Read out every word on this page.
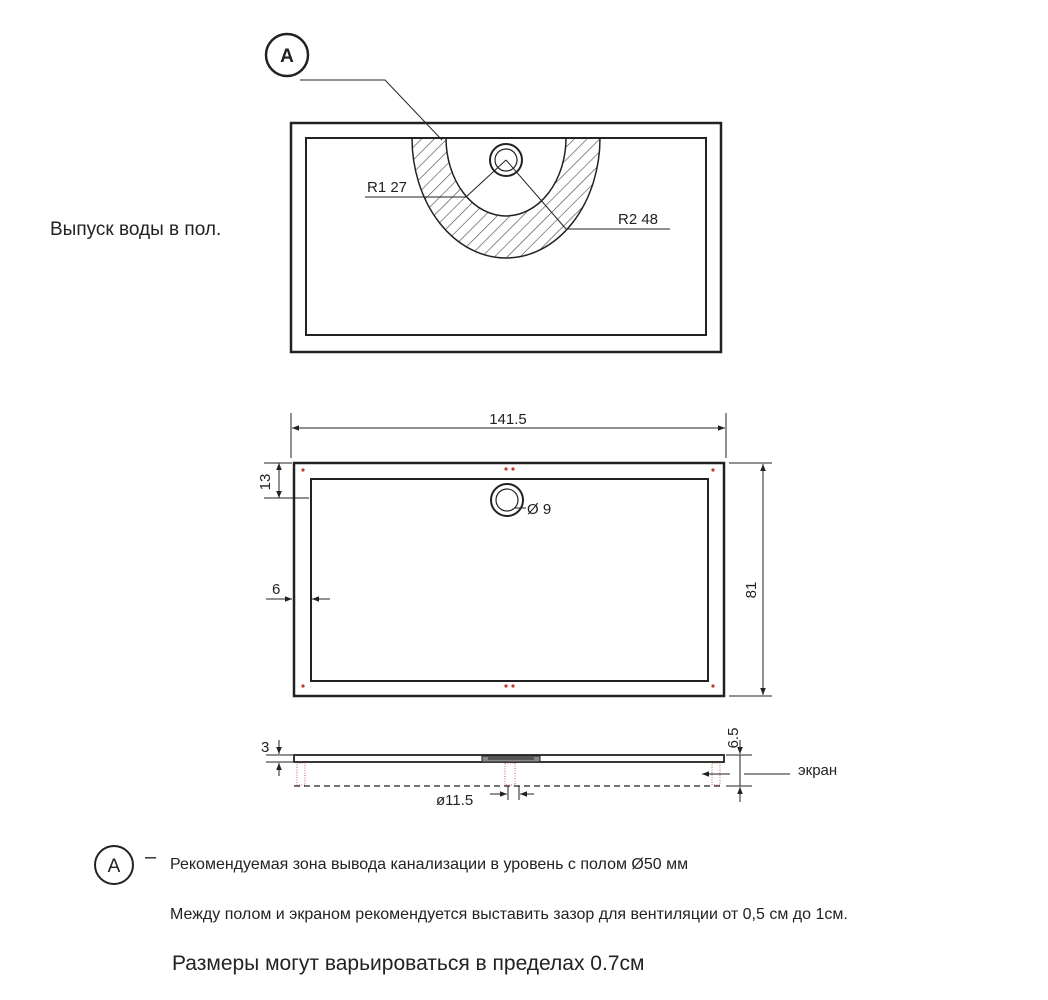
A
R1 27
R2 48
141.5
Ø 9
13
6	81
3	6.5
экран
ø11.5
A
Выпуск воды в пол.
– Рекомендуемая зона вывода канализации в уровень с полом Ø50 мм
Между полом и экраном рекомендуется выставить зазор для вентиляции от 0,5 см до 1см.
Размеры могут варьироваться в пределах 0.7см
